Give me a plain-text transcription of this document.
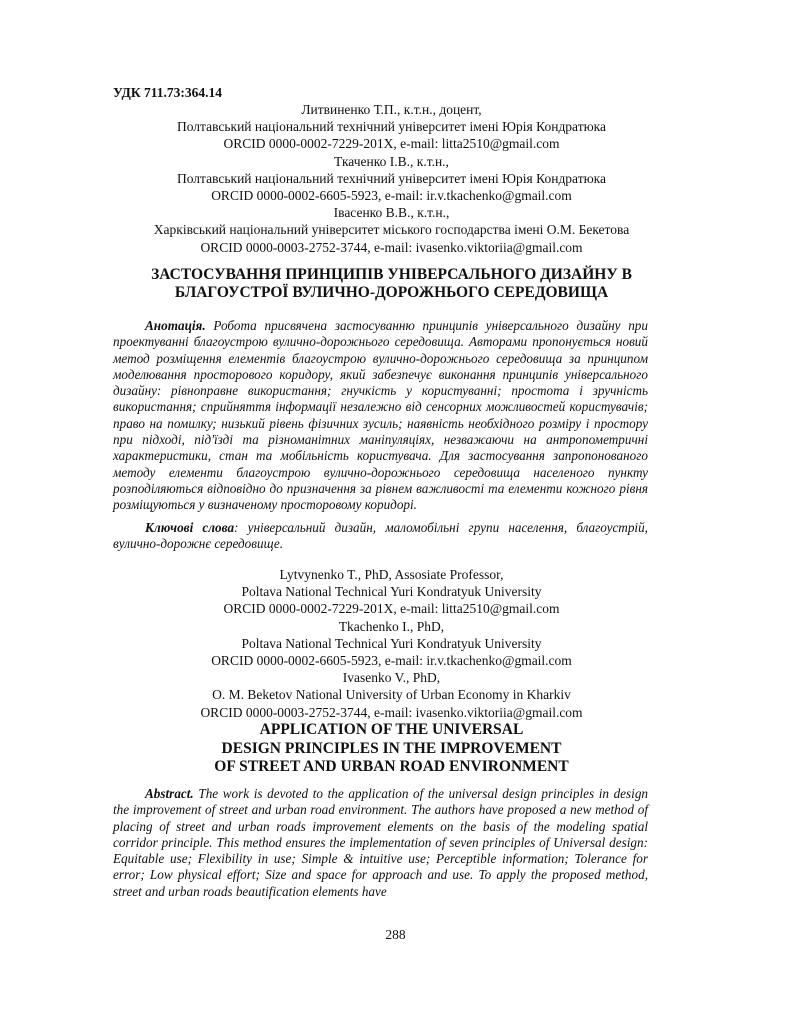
УДК 711.73:364.14
Литвиненко Т.П., к.т.н., доцент,
Полтавський національний технічний університет імені Юрія Кондратюка
ORCID 0000-0002-7229-201X, e-mail: litta2510@gmail.com
Ткаченко І.В., к.т.н.,
Полтавський національний технічний університет імені Юрія Кондратюка
ORCID 0000-0002-6605-5923, e-mail: ir.v.tkachenko@gmail.com
Івасенко В.В., к.т.н.,
Харківський національний університет міського господарства імені О.М. Бекетова
ORCID 0000-0003-2752-3744, e-mail: ivasenko.viktoriia@gmail.com
ЗАСТОСУВАННЯ ПРИНЦИПІВ УНІВЕРСАЛЬНОГО ДИЗАЙНУ В
БЛАГОУСТРОЇ ВУЛИЧНО-ДОРОЖНЬОГО СЕРЕДОВИЩА

Анотація. Робота присвячена застосуванню принципів універсального дизайну при проектуванні благоустрою вулично-дорожнього середовища. Авторами пропонується новий метод розміщення елементів благоустрою вулично-дорожнього середовища за принципом моделювання просторового коридору, який забезпечує виконання принципів універсального дизайну: рівноправне використання; гнучкість у користуванні; простота і зручність використання; сприйняття інформації незалежно від сенсорних можливостей користувачів; право на помилку; низький рівень фізичних зусиль; наявність необхідного розміру і простору при підході, під'їзді та різноманітних маніпуляціях, незважаючи на антропометричні характеристики, стан та мобільність користувача. Для застосування запропонованого методу елементи благоустрою вулично-дорожнього середовища населеного пункту розподіляються відповідно до призначення за рівнем важливості та елементи кожного рівня розміщуються у визначеному просторовому коридорі.

Ключові слова: універсальний дизайн, маломобільні групи населення, благоустрій, вулично-дорожнє середовище.

Lytvynenko T., PhD, Assosiate Professor,
Poltava National Technical Yuri Kondratyuk University
ORCID 0000-0002-7229-201X, e-mail: litta2510@gmail.com
Tkachenko I., PhD,
Poltava National Technical Yuri Kondratyuk University
ORCID 0000-0002-6605-5923, e-mail: ir.v.tkachenko@gmail.com
Ivasenko V., PhD,
O. M. Beketov National University of Urban Economy in Kharkiv
ORCID 0000-0003-2752-3744, e-mail: ivasenko.viktoriia@gmail.com
APPLICATION OF THE UNIVERSAL
DESIGN PRINCIPLES IN THE IMPROVEMENT
OF STREET AND URBAN ROAD ENVIRONMENT

Abstract. The work is devoted to the application of the universal design principles in design the improvement of street and urban road environment. The authors have proposed a new method of placing of street and urban roads improvement elements on the basis of the modeling spatial corridor principle. This method ensures the implementation of seven principles of Universal design: Equitable use; Flexibility in use; Simple & intuitive use; Perceptible information; Tolerance for error; Low physical effort; Size and space for approach and use. To apply the proposed method, street and urban roads beautification elements have

288
